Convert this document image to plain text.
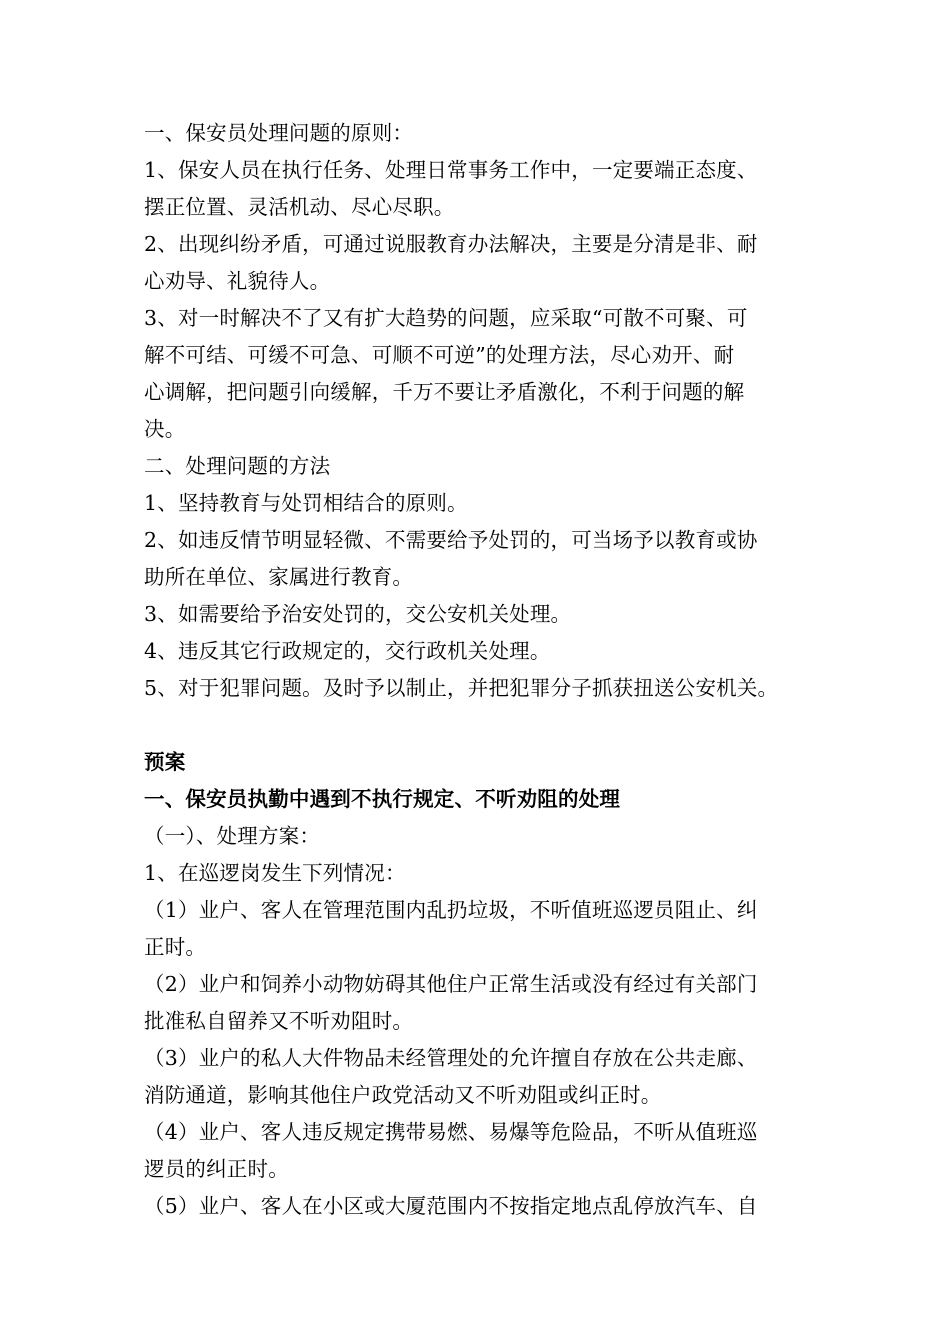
一、保安员处理问题的原则：
1、保安人员在执行任务、处理日常事务工作中，一定要端正态度、
摆正位置、灵活机动、尽心尽职。
2、出现纠纷矛盾，可通过说服教育办法解决，主要是分清是非、耐
心劝导、礼貌待人。
3、对一时解决不了又有扩大趋势的问题，应采取“可散不可聚、可
解不可结、可缓不可急、可顺不可逆”的处理方法，尽心劝开、耐
心调解，把问题引向缓解，千万不要让矛盾激化，不利于问题的解
决。
二、处理问题的方法
1、坚持教育与处罚相结合的原则。
2、如违反情节明显轻微、不需要给予处罚的，可当场予以教育或协
助所在单位、家属进行教育。
3、如需要给予治安处罚的，交公安机关处理。
4、违反其它行政规定的，交行政机关处理。
5、对于犯罪问题。及时予以制止，并把犯罪分子抓获扭送公安机关。
预案
一、保安员执勤中遇到不执行规定、不听劝阻的处理
（一）、处理方案：
1、在巡逻岗发生下列情况：
（1）业户、客人在管理范围内乱扔垃圾，不听值班巡逻员阻止、纠
正时。
（2）业户和饲养小动物妨碍其他住户正常生活或没有经过有关部门
批准私自留养又不听劝阻时。
（3）业户的私人大件物品未经管理处的允许擅自存放在公共走廊、
消防通道，影响其他住户政党活动又不听劝阻或纠正时。
（4）业户、客人违反规定携带易燃、易爆等危险品，不听从值班巡
逻员的纠正时。
（5）业户、客人在小区或大厦范围内不按指定地点乱停放汽车、自
